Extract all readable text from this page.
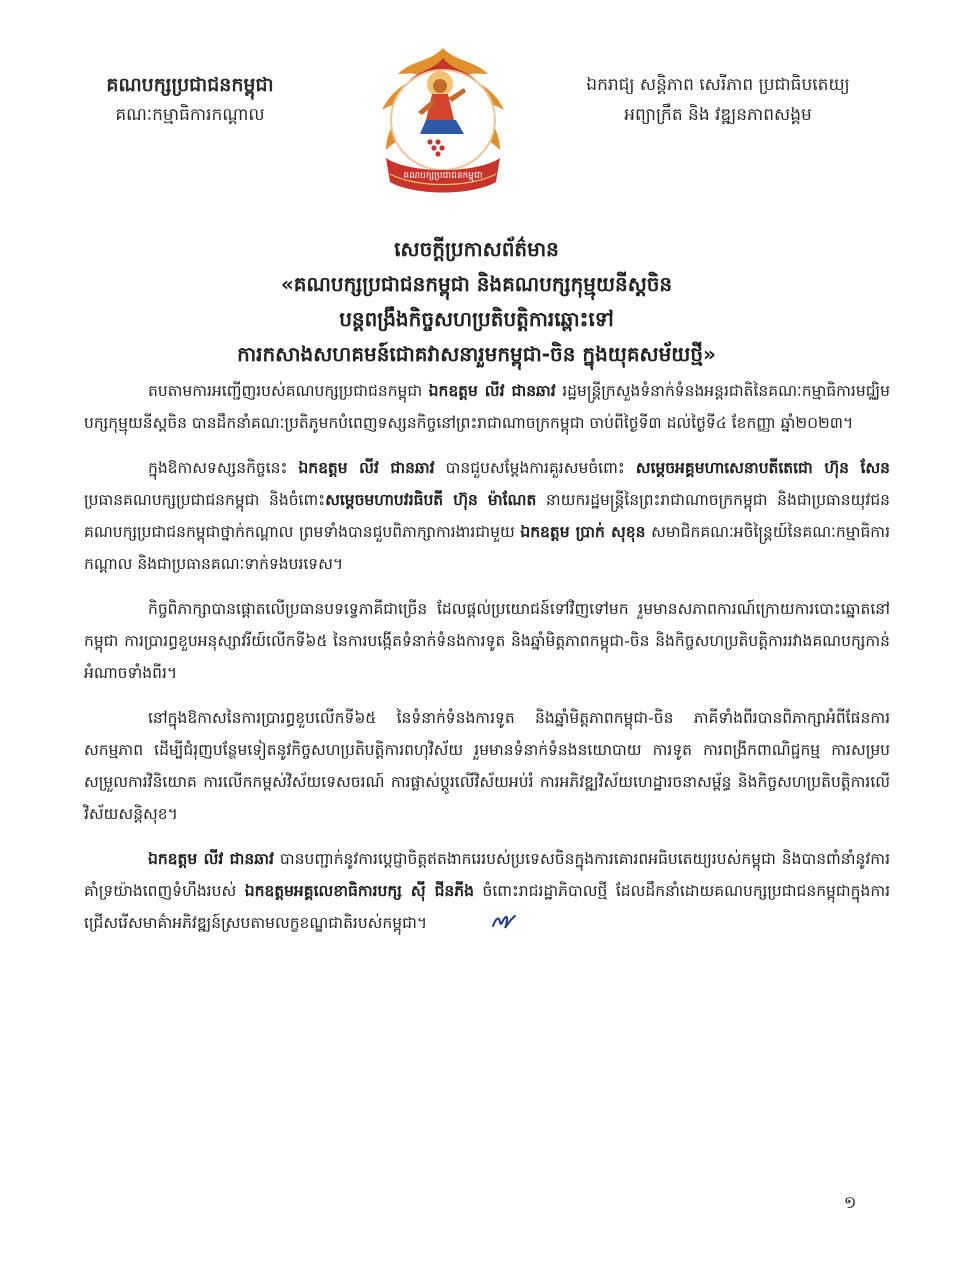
គណបក្សប្រជាជនកម្ពុជា
គណៈកម្មាធិការកណ្តាល
គណបក្សប្រជាជនកម្ពុជា
ឯករាជ្យ សន្តិភាព សេរីភាព ប្រជាធិបតេយ្យ
អព្យាក្រឹត និង វឌ្ឍនភាពសង្គម
សេចក្តីប្រកាសព័ត៌មាន
«គណបក្សប្រជាជនកម្ពុជា និងគណបក្សកុម្មុយនីស្តចិន
បន្តពង្រឹងកិច្ចសហប្រតិបត្តិការឆ្ពោះទៅ
ការកសាងសហគមន៍ជោគវាសនារួមកម្ពុជា-ចិន ក្នុងយុគសម័យថ្មី»

តបតាមការអញ្ជើញរបស់គណបក្សប្រជាជនកម្ពុជា ឯកឧត្តម លីវ ជានឆាវ រដ្ឋមន្ត្រីក្រសួងទំនាក់ទំនងអន្តរជាតិនៃគណៈកម្មាធិការមជ្ឈិមបក្សកុម្មុយនីស្តចិន បានដឹកនាំគណៈប្រតិភូមកបំពេញទស្សនកិច្ចនៅព្រះរាជាណាចក្រកម្ពុជា ចាប់ពីថ្ងៃទី៣ ដល់ថ្ងៃទី៤ ខែកញ្ញា ឆ្នាំ២០២៣។

ក្នុងឱកាសទស្សនកិច្ចនេះ ឯកឧត្តម លីវ ជានឆាវ បានជួបសម្តែងការគួរសមចំពោះ សម្តេចអគ្គមហាសេនាបតីតេជោ ហ៊ុន សែន ប្រធានគណបក្សប្រជាជនកម្ពុជា និងចំពោះសម្តេចមហាបវរធិបតី ហ៊ុន ម៉ាណែត នាយករដ្ឋមន្ត្រីនៃព្រះរាជាណាចក្រកម្ពុជា និងជាប្រធានយុវជនគណបក្សប្រជាជនកម្ពុជាថ្នាក់កណ្តាល ព្រមទាំងបានជួបពិភាក្សាការងារជាមួយ ឯកឧត្តម ប្រាក់ សុខុន សមាជិកគណៈអចិន្ត្រៃយ៍នៃគណៈកម្មាធិការកណ្តាល និងជាប្រធានគណៈទាក់ទងបរទេស។

កិច្ចពិភាក្សាបានផ្តោតលើប្រធានបទទ្វេភាគីជាច្រើន ដែលផ្តល់ប្រយោជន៍ទៅវិញទៅមក រួមមានសភាពការណ៍ក្រោយការបោះឆ្នោតនៅកម្ពុជា ការប្រារព្ធខួបអនុស្សាវរីយ៍លើកទី៦៥ នៃការបង្កើតទំនាក់ទំនងការទូត និងឆ្នាំមិត្តភាពកម្ពុជា-ចិន និងកិច្ចសហប្រតិបត្តិការរវាងគណបក្សកាន់អំណាចទាំងពីរ។

នៅក្នុងឱកាសនៃការប្រារព្ធខួបលើកទី៦៥ នៃទំនាក់ទំនងការទូត និងឆ្នាំមិត្តភាពកម្ពុជា-ចិន ភាគីទាំងពីរបានពិភាក្សាអំពីផែនការសកម្មភាព ដើម្បីជំរុញបន្ថែមទៀតនូវកិច្ចសហប្រតិបត្តិការពហុវិស័យ រួមមានទំនាក់ទំនងនយោបាយ ការទូត ការពង្រីកពាណិជ្ជកម្ម ការសម្របសម្រួលការវិនិយោគ ការលើកកម្ពស់វិស័យទេសចរណ៍ ការផ្លាស់ប្តូរលើវិស័យអប់រំ ការអភិវឌ្ឍវិស័យហេដ្ឋារចនាសម្ព័ន្ធ និងកិច្ចសហប្រតិបត្តិការលើវិស័យសន្តិសុខ។

ឯកឧត្តម លីវ ជានឆាវ បានបញ្ជាក់នូវការប្តេជ្ញាចិត្តឥតងាករេរបស់ប្រទេសចិនក្នុងការគោរពអធិបតេយ្យរបស់កម្ពុជា និងបានពាំនាំនូវការគាំទ្រយ៉ាងពេញទំហឹងរបស់ ឯកឧត្តមអគ្គលេខាធិការបក្ស ស៊ី ជីនភីង ចំពោះរាជរដ្ឋាភិបាលថ្មី ដែលដឹកនាំដោយគណបក្សប្រជាជនកម្ពុជាក្នុងការជ្រើសរើសមាគ៌ាអភិវឌ្ឍន៍ស្របតាមលក្ខខណ្ឌជាតិរបស់កម្ពុជា។

១
